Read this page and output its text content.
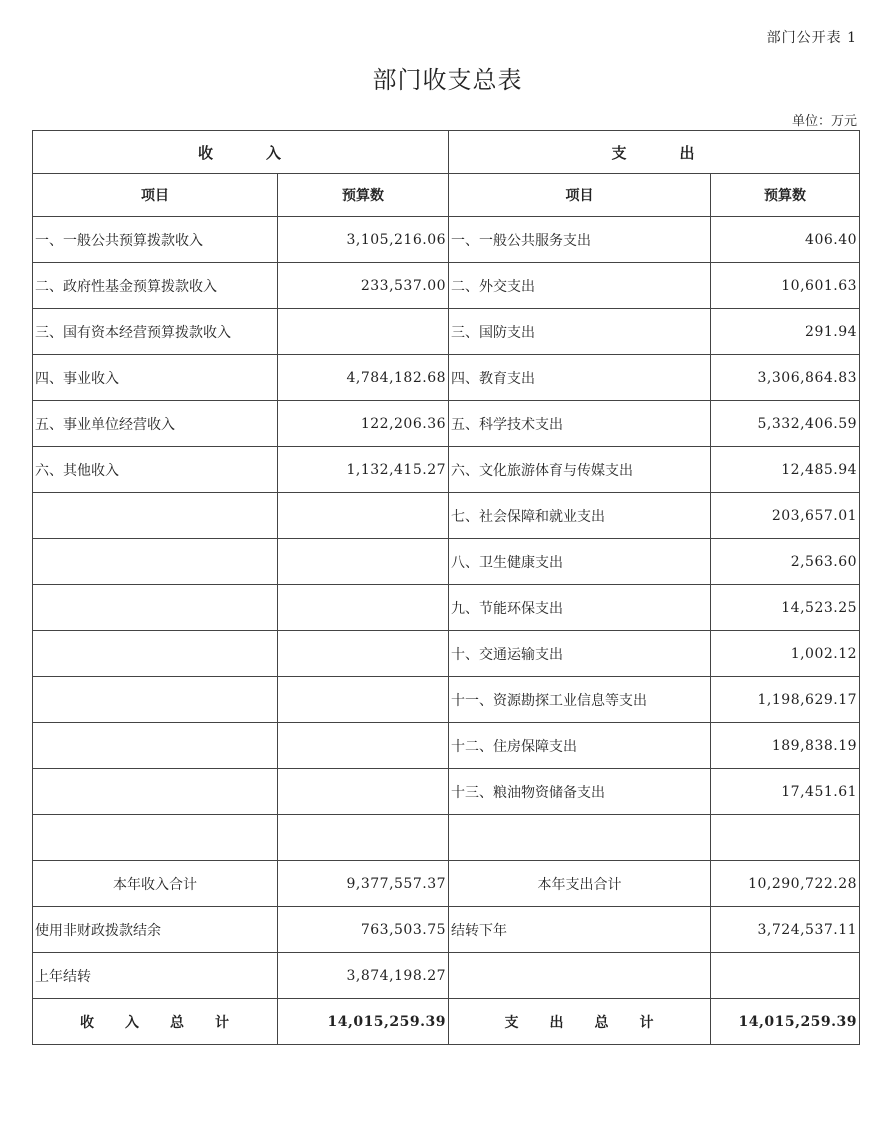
部门公开表 1
部门收支总表
单位：万元
收　　　入		支　　　出	
项目	预算数	项目	预算数
一、一般公共预算拨款收入	3,105,216.06	一、一般公共服务支出	406.40
二、政府性基金预算拨款收入	233,537.00	二、外交支出	10,601.63
三、国有资本经营预算拨款收入		三、国防支出	291.94
四、事业收入	4,784,182.68	四、教育支出	3,306,864.83
五、事业单位经营收入	122,206.36	五、科学技术支出	5,332,406.59
六、其他收入	1,132,415.27	六、文化旅游体育与传媒支出	12,485.94
		七、社会保障和就业支出	203,657.01
		八、卫生健康支出	2,563.60
		九、节能环保支出	14,523.25
		十、交通运输支出	1,002.12
		十一、资源勘探工业信息等支出	1,198,629.17
		十二、住房保障支出	189,838.19
		十三、粮油物资储备支出	17,451.61

本年收入合计	9,377,557.37	本年支出合计	10,290,722.28
使用非财政拨款结余	763,503.75	结转下年	3,724,537.11
上年结转	3,874,198.27		
收　　入　　总　　计	14,015,259.39	支　　出　　总　　计	14,015,259.39
